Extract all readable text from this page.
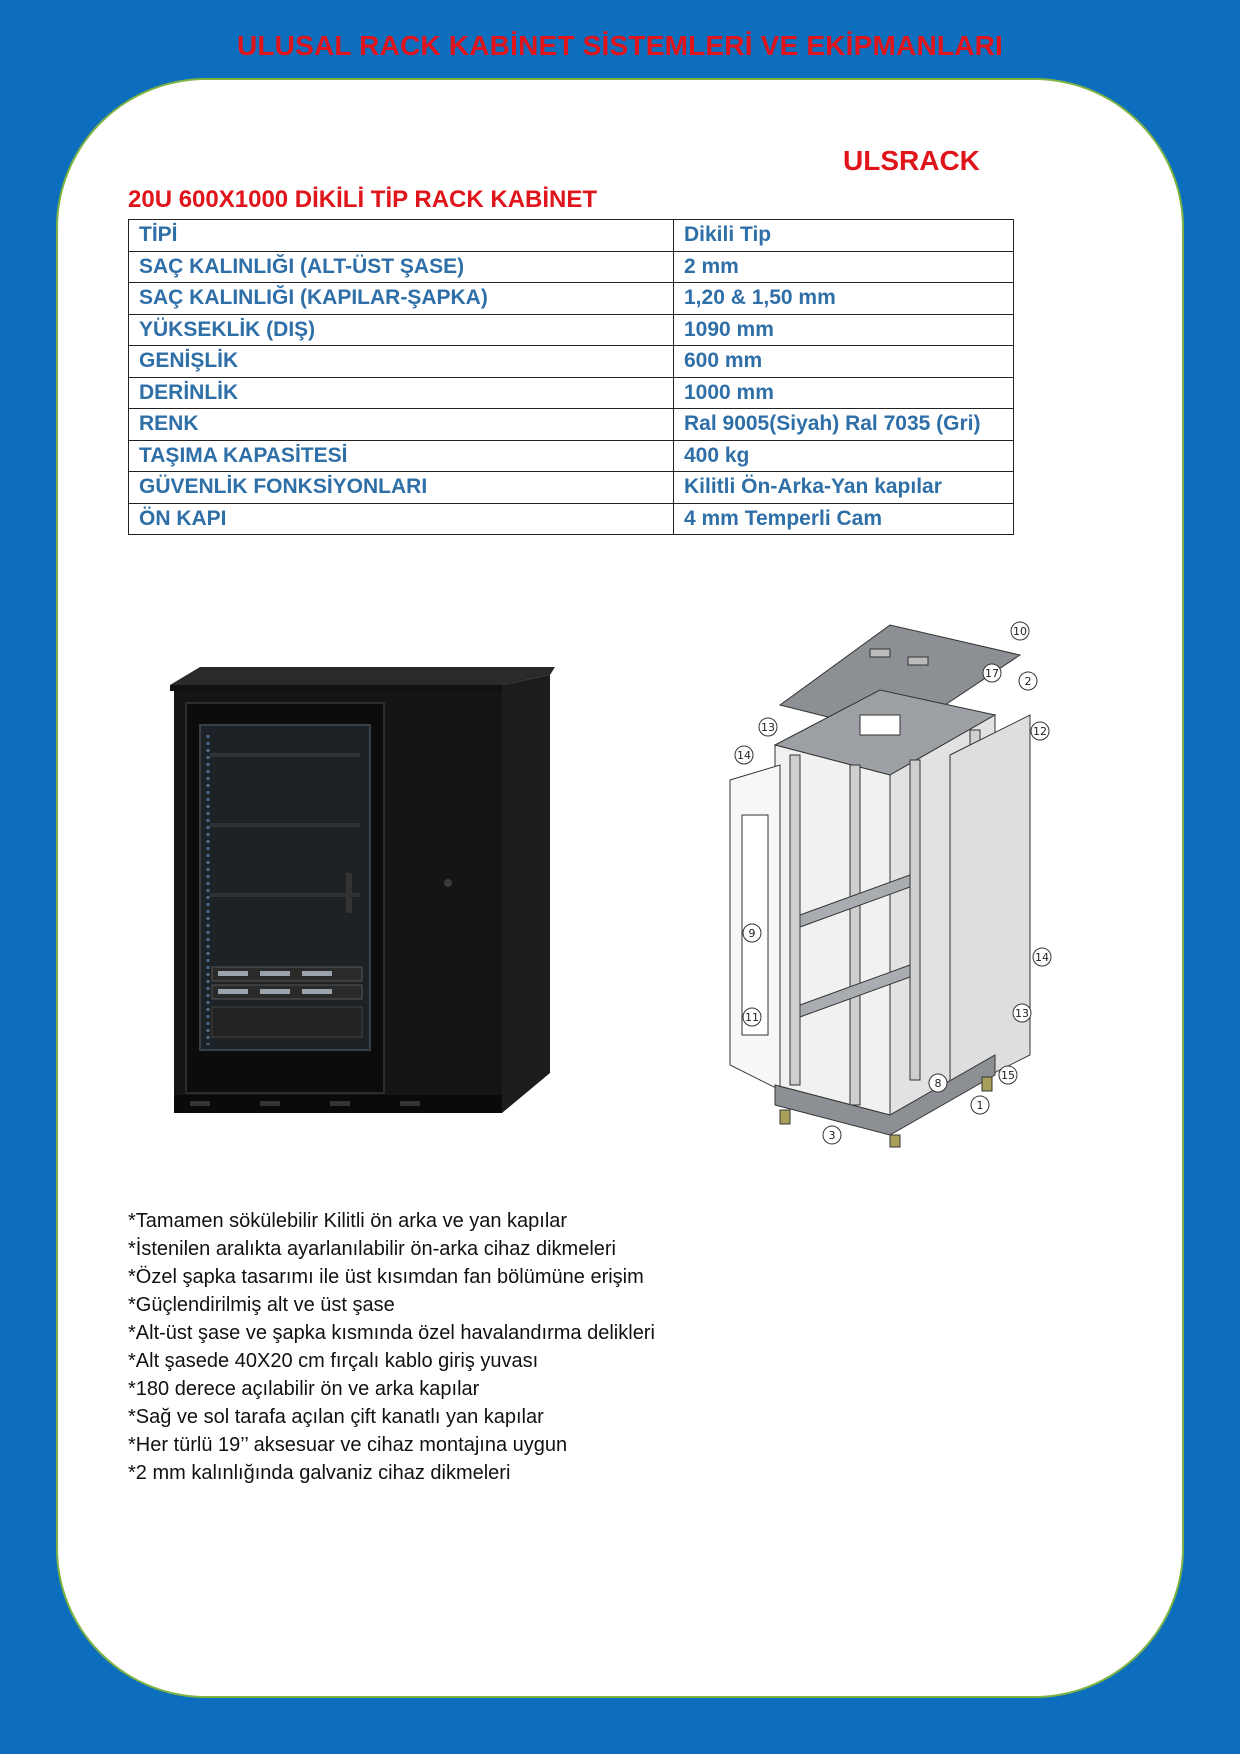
ULUSAL RACK KABİNET SİSTEMLERİ VE EKİPMANLARI
ULSRACK
20U 600X1000 DİKİLİ TİP RACK KABİNET
TİPİ	Dikili Tip
SAÇ KALINLIĞI (ALT-ÜST ŞASE)	2 mm
SAÇ KALINLIĞI (KAPILAR-ŞAPKA)	1,20 & 1,50 mm
YÜKSEKLİK (DIŞ)	1090 mm
GENİŞLİK	600 mm
DERİNLİK	1000 mm
RENK	Ral 9005(Siyah) Ral 7035 (Gri)
TAŞIMA KAPASİTESİ	400 kg
GÜVENLİK FONKSİYONLARI	Kilitli Ön-Arka-Yan kapılar
ÖN KAPI	4 mm Temperli Cam
10
17
2
13	12
14
9
14
13
11
15
1
8
3
*Tamamen sökülebilir Kilitli ön arka ve yan kapılar
*İstenilen aralıkta ayarlanılabilir ön-arka cihaz dikmeleri
*Özel şapka tasarımı ile üst kısımdan fan bölümüne erişim
*Güçlendirilmiş alt ve üst şase
*Alt-üst şase ve şapka kısmında özel havalandırma delikleri
*Alt şasede 40X20 cm fırçalı kablo giriş yuvası
*180 derece açılabilir ön ve arka kapılar
*Sağ ve sol tarafa açılan çift kanatlı yan kapılar
*Her türlü 19’’ aksesuar ve cihaz montajına uygun
*2 mm kalınlığında galvaniz cihaz dikmeleri
